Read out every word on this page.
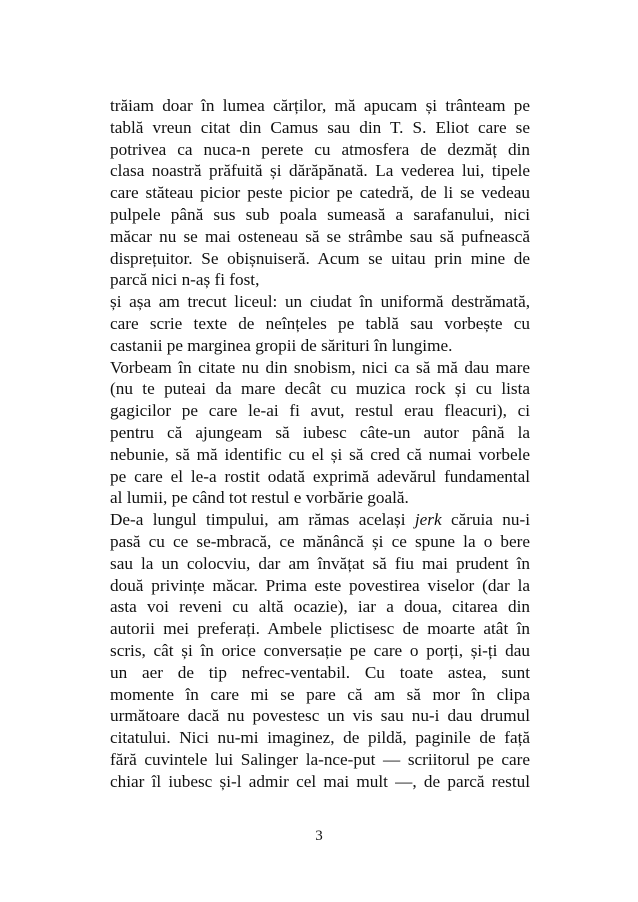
trăiam doar în lumea cărților, mă apucam și trânteam pe
tablă vreun citat din Camus sau din T. S. Eliot care se
potrivea ca nuca-n perete cu atmosfera de dezmăț din
clasa noastră prăfuită și dărăpănată. La vederea lui, tipele
care stăteau picior peste picior pe catedră, de li se vedeau
pulpele până sus sub poala sumeasă a sarafanului, nici
măcar nu se mai osteneau să se strâmbe sau să pufnească
disprețuitor. Se obișnuiseră. Acum se uitau prin mine de
parcă nici n-aș fi fost,
și așa am trecut liceul: un ciudat în uniformă destrămată,
care scrie texte de neînțeles pe tablă sau vorbește cu
castanii pe marginea gropii de sărituri în lungime.
Vorbeam în citate nu din snobism, nici ca să mă dau mare
(nu te puteai da mare decât cu muzica rock și cu lista
gagicilor pe care le-ai fi avut, restul erau fleacuri), ci
pentru că ajungeam să iubesc câte-un autor până la
nebunie, să mă identific cu el și să cred că numai vorbele
pe care el le-a rostit odată exprimă adevărul fundamental
al lumii, pe când tot restul e vorbărie goală.
De-a lungul timpului, am rămas același jerk căruia nu-i
pasă cu ce se-mbracă, ce mănâncă și ce spune la o bere
sau la un colocviu, dar am învățat să fiu mai prudent în
două privințe măcar. Prima este povestirea viselor (dar la
asta voi reveni cu altă ocazie), iar a doua, citarea din
autorii mei preferați. Ambele plictisesc de moarte atât în
scris, cât și în orice conversație pe care o porți, și-ți dau
un aer de tip nefrec-ventabil. Cu toate astea, sunt
momente în care mi se pare că am să mor în clipa
următoare dacă nu povestesc un vis sau nu-i dau drumul
citatului. Nici nu-mi imaginez, de pildă, paginile de față
fără cuvintele lui Salinger la-nce-put — scriitorul pe care
chiar îl iubesc și-l admir cel mai mult —, de parcă restul
3
